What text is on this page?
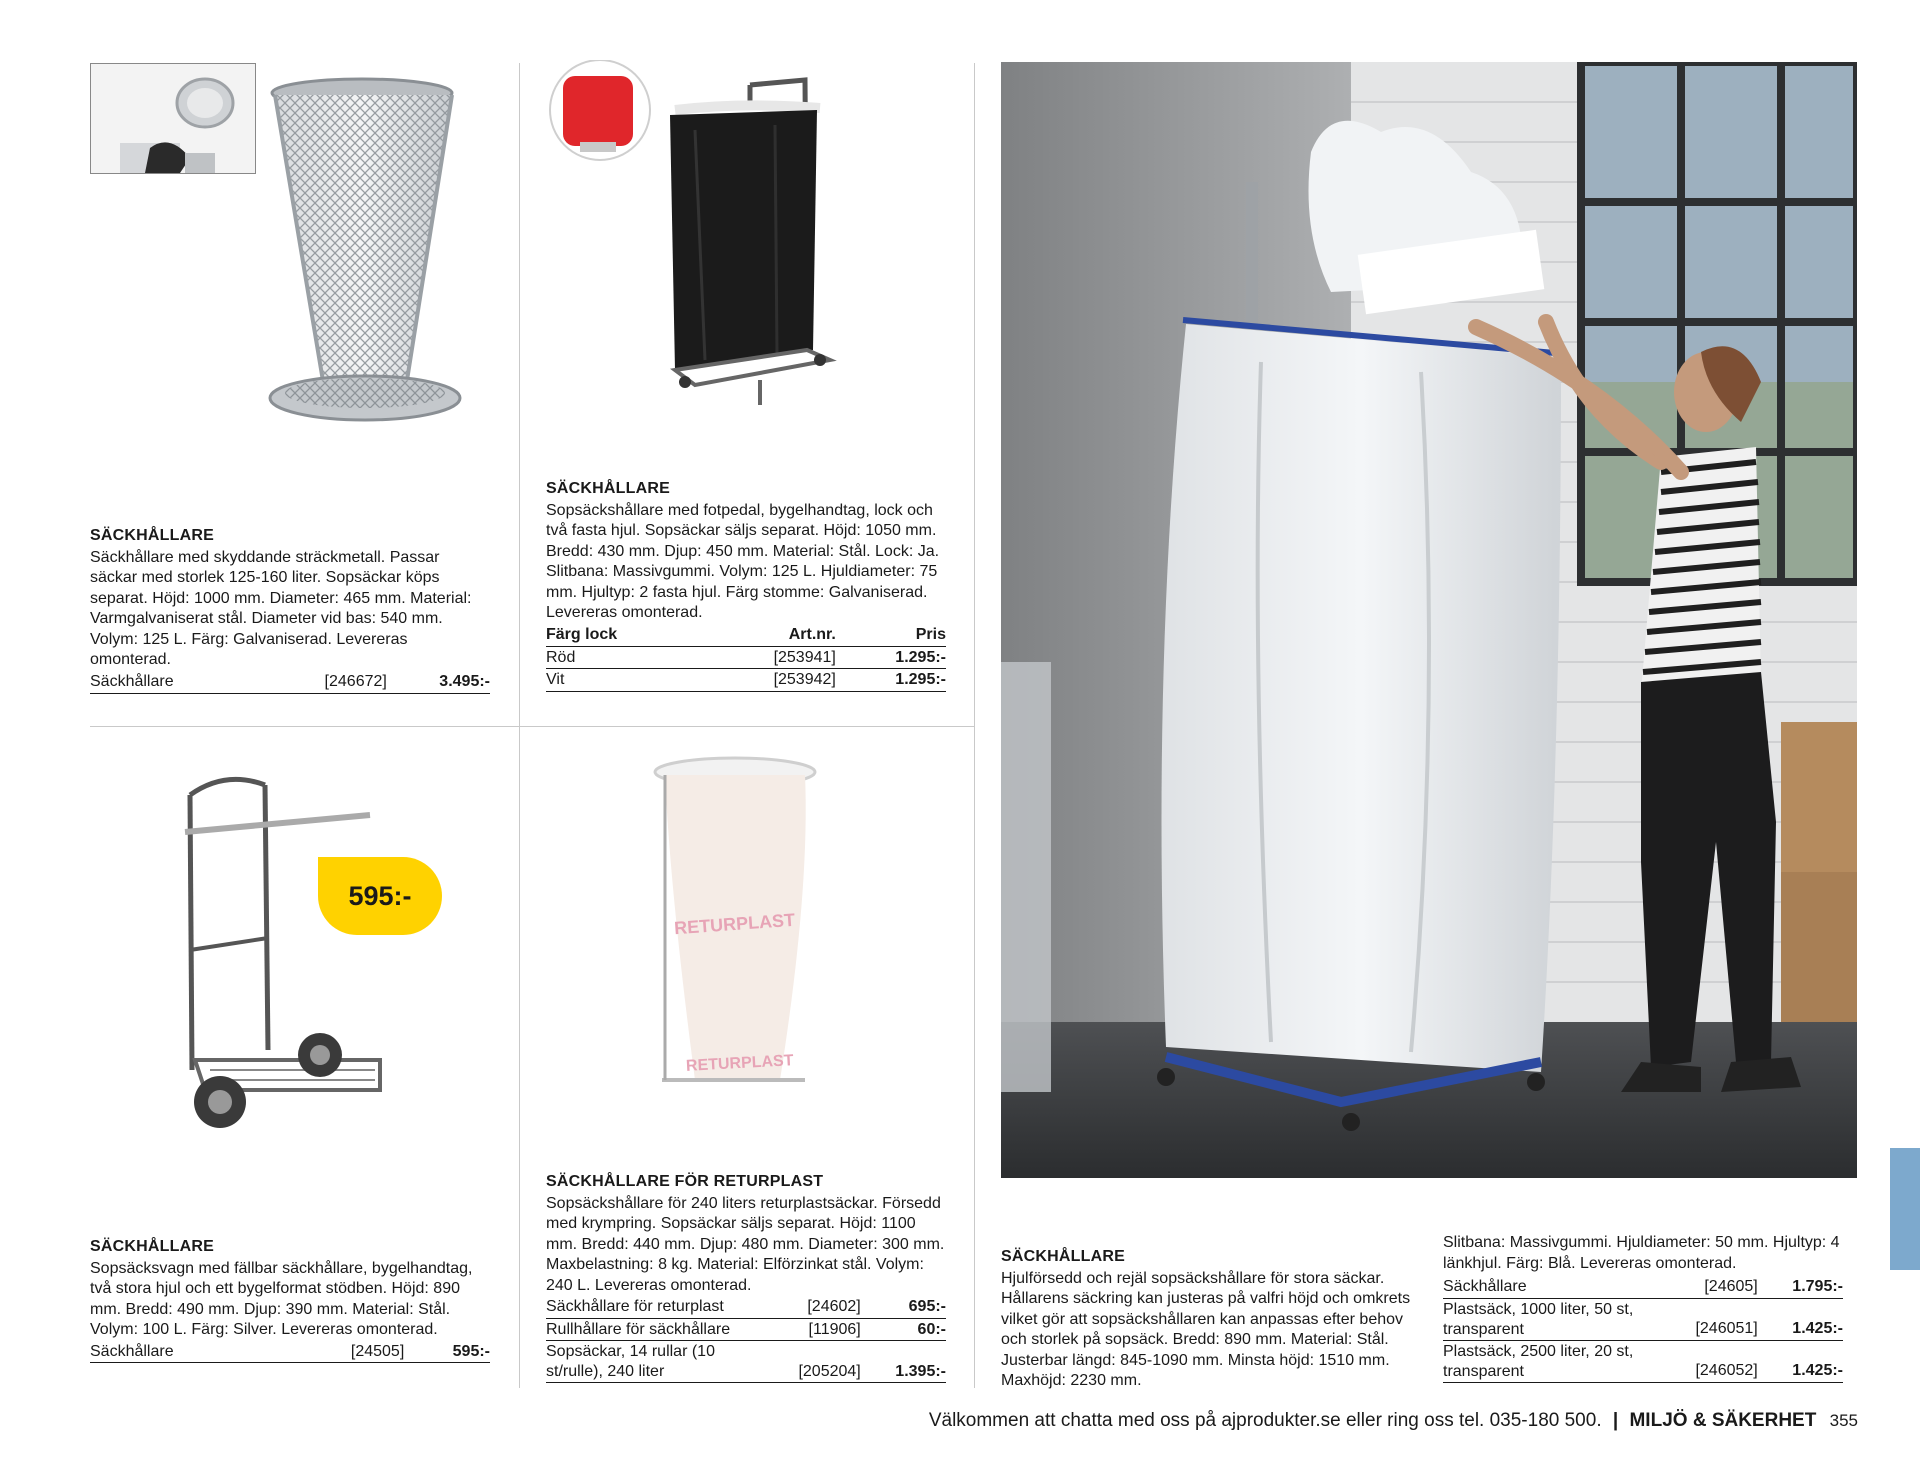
SÄCKHÅLLARE

Säckhållare med skyddande sträckmetall. Passar säckar med storlek 125-160 liter. Sopsäckar köps separat. Höjd: 1000 mm. Diameter: 465 mm. Material: Varmgalvaniserat stål. Diameter vid bas: 540 mm. Volym: 125 L. Färg: Galvaniserad. Levereras omonterad.

Säckhållare	[246672]	3.495:-
SÄCKHÅLLARE

Sopsäckshållare med fotpedal, bygelhandtag, lock och två fasta hjul. Sopsäckar säljs separat. Höjd: 1050 mm. Bredd: 430 mm. Djup: 450 mm. Material: Stål. Lock: Ja. Slitbana: Massivgummi. Volym: 125 L. Hjuldiameter: 75 mm. Hjultyp: 2 fasta hjul. Färg stomme: Galvaniserad. Levereras omonterad.

Färg lock	Art.nr.	Pris
Röd	[253941]	1.295:-
Vit	[253942]	1.295:-
595:-
SÄCKHÅLLARE

Sopsäcksvagn med fällbar säckhållare, bygelhandtag, två stora hjul och ett bygelformat stödben. Höjd: 890 mm. Bredd: 490 mm. Djup: 390 mm. Material: Stål. Volym: 100 L. Färg: Silver. Levereras omonterad.

Säckhållare	[24505]	595:-
RETURPLAST
RETURPLAST
SÄCKHÅLLARE FÖR RETURPLAST

Sopsäckshållare för 240 liters returplastsäckar. Försedd med krympring. Sopsäckar säljs separat. Höjd: 1100 mm. Bredd: 440 mm. Djup: 480 mm. Diameter: 300 mm. Maxbelastning: 8 kg. Material: Elförzinkat stål. Volym: 240 L. Levereras omonterad.

Säckhållare för returplast	[24602]	695:-
Rullhållare för säckhållare	[11906]	60:-
Sopsäckar, 14 rullar (10 st/rulle), 240 liter	[205204]	1.395:-
SÄCKHÅLLARE

Hjulförsedd och rejäl sopsäckshållare för stora säckar. Hållarens säckring kan justeras på valfri höjd och omkrets vilket gör att sopsäckshållaren kan anpassas efter behov och storlek på sopsäck. Bredd: 890 mm. Material: Stål. Justerbar längd: 845-1090 mm. Minsta höjd: 1510 mm. Maxhöjd: 2230 mm.

Slitbana: Massivgummi. Hjuldiameter: 50 mm. Hjultyp: 4 länkhjul. Färg: Blå. Levereras omonterad.

Säckhållare	[24605]	1.795:-
Plastsäck, 1000 liter, 50 st, transparent	[246051]	1.425:-
Plastsäck, 2500 liter, 20 st, transparent	[246052]	1.425:-
Välkommen att chatta med oss på ajprodukter.se eller ring oss tel. 035-180 500. | MILJÖ & SÄKERHET 355
